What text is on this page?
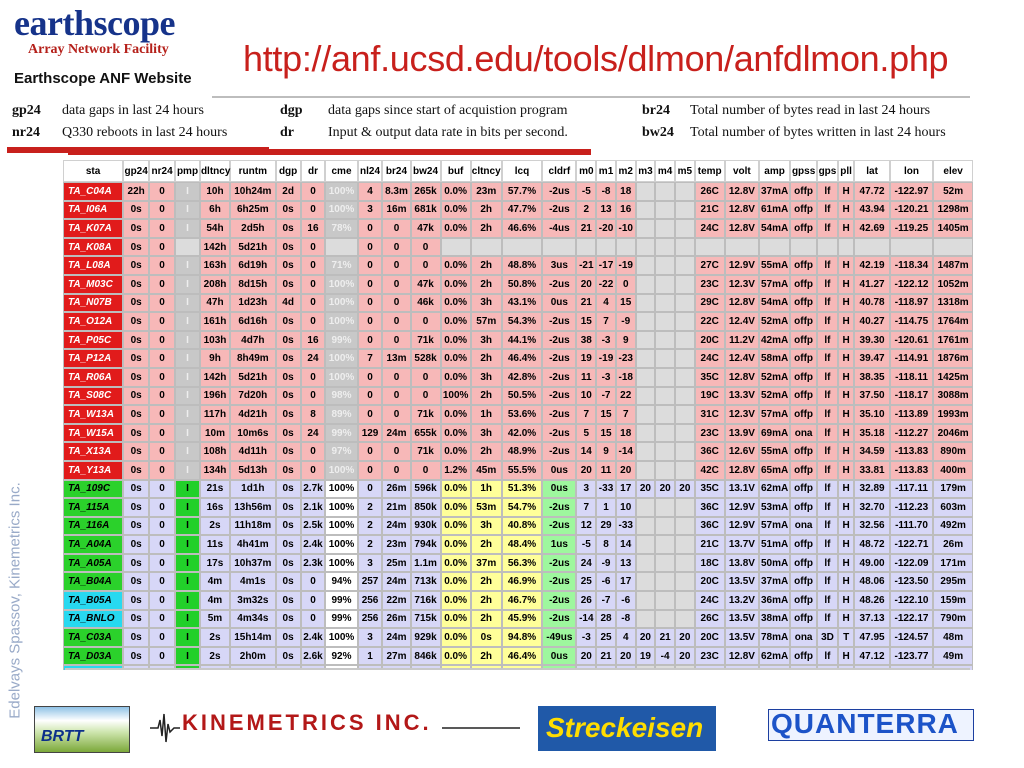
earthscope
Array Network Facility
Earthscope ANF Website http://anf.ucsd.edu/tools/dlmon/anfdlmon.php
gp24 data gaps in last 24 hours
nr24 Q330 reboots in last 24 hours
dgp data gaps since start of acquistion program
dr Input & output data rate in bits per second.
br24 Total number of bytes read in last 24 hours
bw24 Total number of bytes written in last 24 hours
sta	gp24	nr24	pmp	dltncy	runtm	dgp	dr	cme	nl24	br24	bw24	buf	cltncy	lcq	cldrf	m0	m1	m2	m3	m4	m5	temp	volt	amp	gpss	gps	pll	lat	lon	elev
TA_C04A	22h	0	I	10h	10h24m	2d	0	100%	4	8.3m	265k	0.0%	23m	57.7%	-2us	-5	-8	18				26C	12.8V	37mA	offp	lf	H	47.72	-122.97	52m
TA_I06A	0s	0	I	6h	6h25m	0s	0	100%	3	16m	681k	0.0%	2h	47.7%	-2us	2	13	16				21C	12.8V	61mA	offp	lf	H	43.94	-120.21	1298m
TA_K07A	0s	0	I	54h	2d5h	0s	16	78%	0	0	47k	0.0%	2h	46.6%	-4us	21	-20	-10				24C	12.8V	54mA	offp	lf	H	42.69	-119.25	1405m
TA_K08A	0s	0		142h	5d21h	0s	0		0	0	0																			
TA_L08A	0s	0	I	163h	6d19h	0s	0	71%	0	0	0	0.0%	2h	48.8%	3us	-21	-17	-19				27C	12.9V	55mA	offp	lf	H	42.19	-118.34	1487m
TA_M03C	0s	0	I	208h	8d15h	0s	0	100%	0	0	47k	0.0%	2h	50.8%	-2us	20	-22	0				23C	12.3V	57mA	offp	lf	H	41.27	-122.12	1052m
TA_N07B	0s	0	I	47h	1d23h	4d	0	100%	0	0	46k	0.0%	3h	43.1%	0us	21	4	15				29C	12.8V	54mA	offp	lf	H	40.78	-118.97	1318m
TA_O12A	0s	0	I	161h	6d16h	0s	0	100%	0	0	0	0.0%	57m	54.3%	-2us	15	7	-9				22C	12.4V	52mA	offp	lf	H	40.27	-114.75	1764m
TA_P05C	0s	0	I	103h	4d7h	0s	16	99%	0	0	71k	0.0%	3h	44.1%	-2us	38	-3	9				20C	11.2V	42mA	offp	lf	H	39.30	-120.61	1761m
TA_P12A	0s	0	I	9h	8h49m	0s	24	100%	7	13m	528k	0.0%	2h	46.4%	-2us	19	-19	-23				24C	12.4V	58mA	offp	lf	H	39.47	-114.91	1876m
TA_R06A	0s	0	I	142h	5d21h	0s	0	100%	0	0	0	0.0%	3h	42.8%	-2us	11	-3	-18				35C	12.8V	52mA	offp	lf	H	38.35	-118.11	1425m
TA_S08C	0s	0	I	196h	7d20h	0s	0	98%	0	0	0	100%	2h	50.5%	-2us	10	-7	22				19C	13.3V	52mA	offp	lf	H	37.50	-118.17	3088m
TA_W13A	0s	0	I	117h	4d21h	0s	8	89%	0	0	71k	0.0%	1h	53.6%	-2us	7	15	7				31C	12.3V	57mA	offp	lf	H	35.10	-113.89	1993m
TA_W15A	0s	0	I	10m	10m6s	0s	24	99%	129	24m	655k	0.0%	3h	42.0%	-2us	5	15	18				23C	13.9V	69mA	ona	lf	H	35.18	-112.27	2046m
TA_X13A	0s	0	I	108h	4d11h	0s	0	97%	0	0	71k	0.0%	2h	48.9%	-2us	14	9	-14				36C	12.6V	55mA	offp	lf	H	34.59	-113.83	890m
TA_Y13A	0s	0	I	134h	5d13h	0s	0	100%	0	0	0	1.2%	45m	55.5%	0us	20	11	20				42C	12.8V	65mA	offp	lf	H	33.81	-113.83	400m
TA_109C	0s	0	I	21s	1d1h	0s	2.7k	100%	0	26m	596k	0.0%	1h	51.3%	0us	3	-33	17	20	20	20	35C	13.1V	62mA	offp	lf	H	32.89	-117.11	179m
TA_115A	0s	0	I	16s	13h56m	0s	2.1k	100%	2	21m	850k	0.0%	53m	54.7%	-2us	7	1	10				36C	12.9V	53mA	offp	lf	H	32.70	-112.23	603m
TA_116A	0s	0	I	2s	11h18m	0s	2.5k	100%	2	24m	930k	0.0%	3h	40.8%	-2us	12	29	-33				36C	12.9V	57mA	ona	lf	H	32.56	-111.70	492m
TA_A04A	0s	0	I	11s	4h41m	0s	2.4k	100%	2	23m	794k	0.0%	2h	48.4%	1us	-5	8	14				21C	13.7V	51mA	offp	lf	H	48.72	-122.71	26m
TA_A05A	0s	0	I	17s	10h37m	0s	2.3k	100%	3	25m	1.1m	0.0%	37m	56.3%	-2us	24	-9	13				18C	13.8V	50mA	offp	lf	H	49.00	-122.09	171m
TA_B04A	0s	0	I	4m	4m1s	0s	0	94%	257	24m	713k	0.0%	2h	46.9%	-2us	25	-6	17				20C	13.5V	37mA	offp	lf	H	48.06	-123.50	295m
TA_B05A	0s	0	I	4m	3m32s	0s	0	99%	256	22m	716k	0.0%	2h	46.7%	-2us	26	-7	-6				24C	13.2V	36mA	offp	lf	H	48.26	-122.10	159m
TA_BNLO	0s	0	I	5m	4m34s	0s	0	99%	256	26m	715k	0.0%	2h	45.9%	-2us	-14	28	-8				26C	13.5V	38mA	offp	lf	H	37.13	-122.17	790m
TA_C03A	0s	0	I	2s	15h14m	0s	2.4k	100%	3	24m	929k	0.0%	0s	94.8%	-49us	-3	25	4	20	21	20	20C	13.5V	78mA	ona	3D	T	47.95	-124.57	48m
TA_D03A	0s	0	I	2s	2h0m	0s	2.6k	92%	1	27m	846k	0.0%	2h	46.4%	0us	20	21	20	19	-4	20	23C	12.8V	62mA	offp	lf	H	47.12	-123.77	49m

Edelvays Spassov, Kinemetrics Inc.
BRTT
KINEMETRICS INC.	Streckeisen QUANTERRA
